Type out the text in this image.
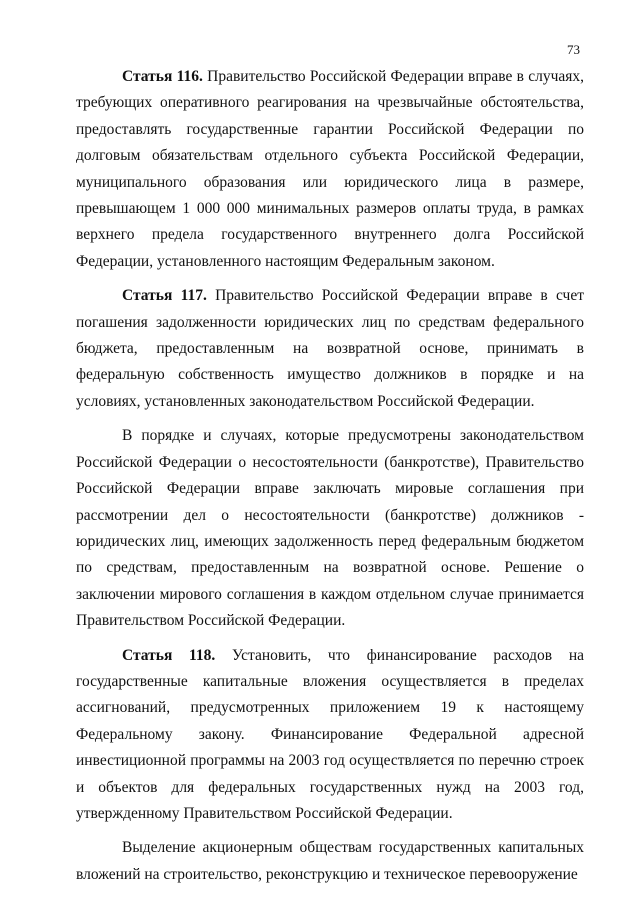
73

Статья 116. Правительство Российской Федерации вправе в случаях, требующих оперативного реагирования на чрезвычайные обстоятельства, предоставлять государственные гарантии Российской Федерации по долговым обязательствам отдельного субъекта Российской Федерации, муниципального образования или юридического лица в размере, превышающем 1 000 000 минимальных размеров оплаты труда, в рамках верхнего предела государственного внутреннего долга Российской Федерации, установленного настоящим Федеральным законом.

Статья 117. Правительство Российской Федерации вправе в счет погашения задолженности юридических лиц по средствам федерального бюджета, предоставленным на возвратной основе, принимать в федеральную собственность имущество должников в порядке и на условиях, установленных законодательством Российской Федерации.

В порядке и случаях, которые предусмотрены законодательством Российской Федерации о несостоятельности (банкротстве), Правительство Российской Федерации вправе заключать мировые соглашения при рассмотрении дел о несостоятельности (банкротстве) должников - юридических лиц, имеющих задолженность перед федеральным бюджетом по средствам, предоставленным на возвратной основе. Решение о заключении мирового соглашения в каждом отдельном случае принимается Правительством Российской Федерации.

Статья 118. Установить, что финансирование расходов на государственные капитальные вложения осуществляется в пределах ассигнований, предусмотренных приложением 19 к настоящему Федеральному закону. Финансирование Федеральной адресной инвестиционной программы на 2003 год осуществляется по перечню строек и объектов для федеральных государственных нужд на 2003 год, утвержденному Правительством Российской Федерации.

Выделение акционерным обществам государственных капитальных вложений на строительство, реконструкцию и техническое перевооружение
